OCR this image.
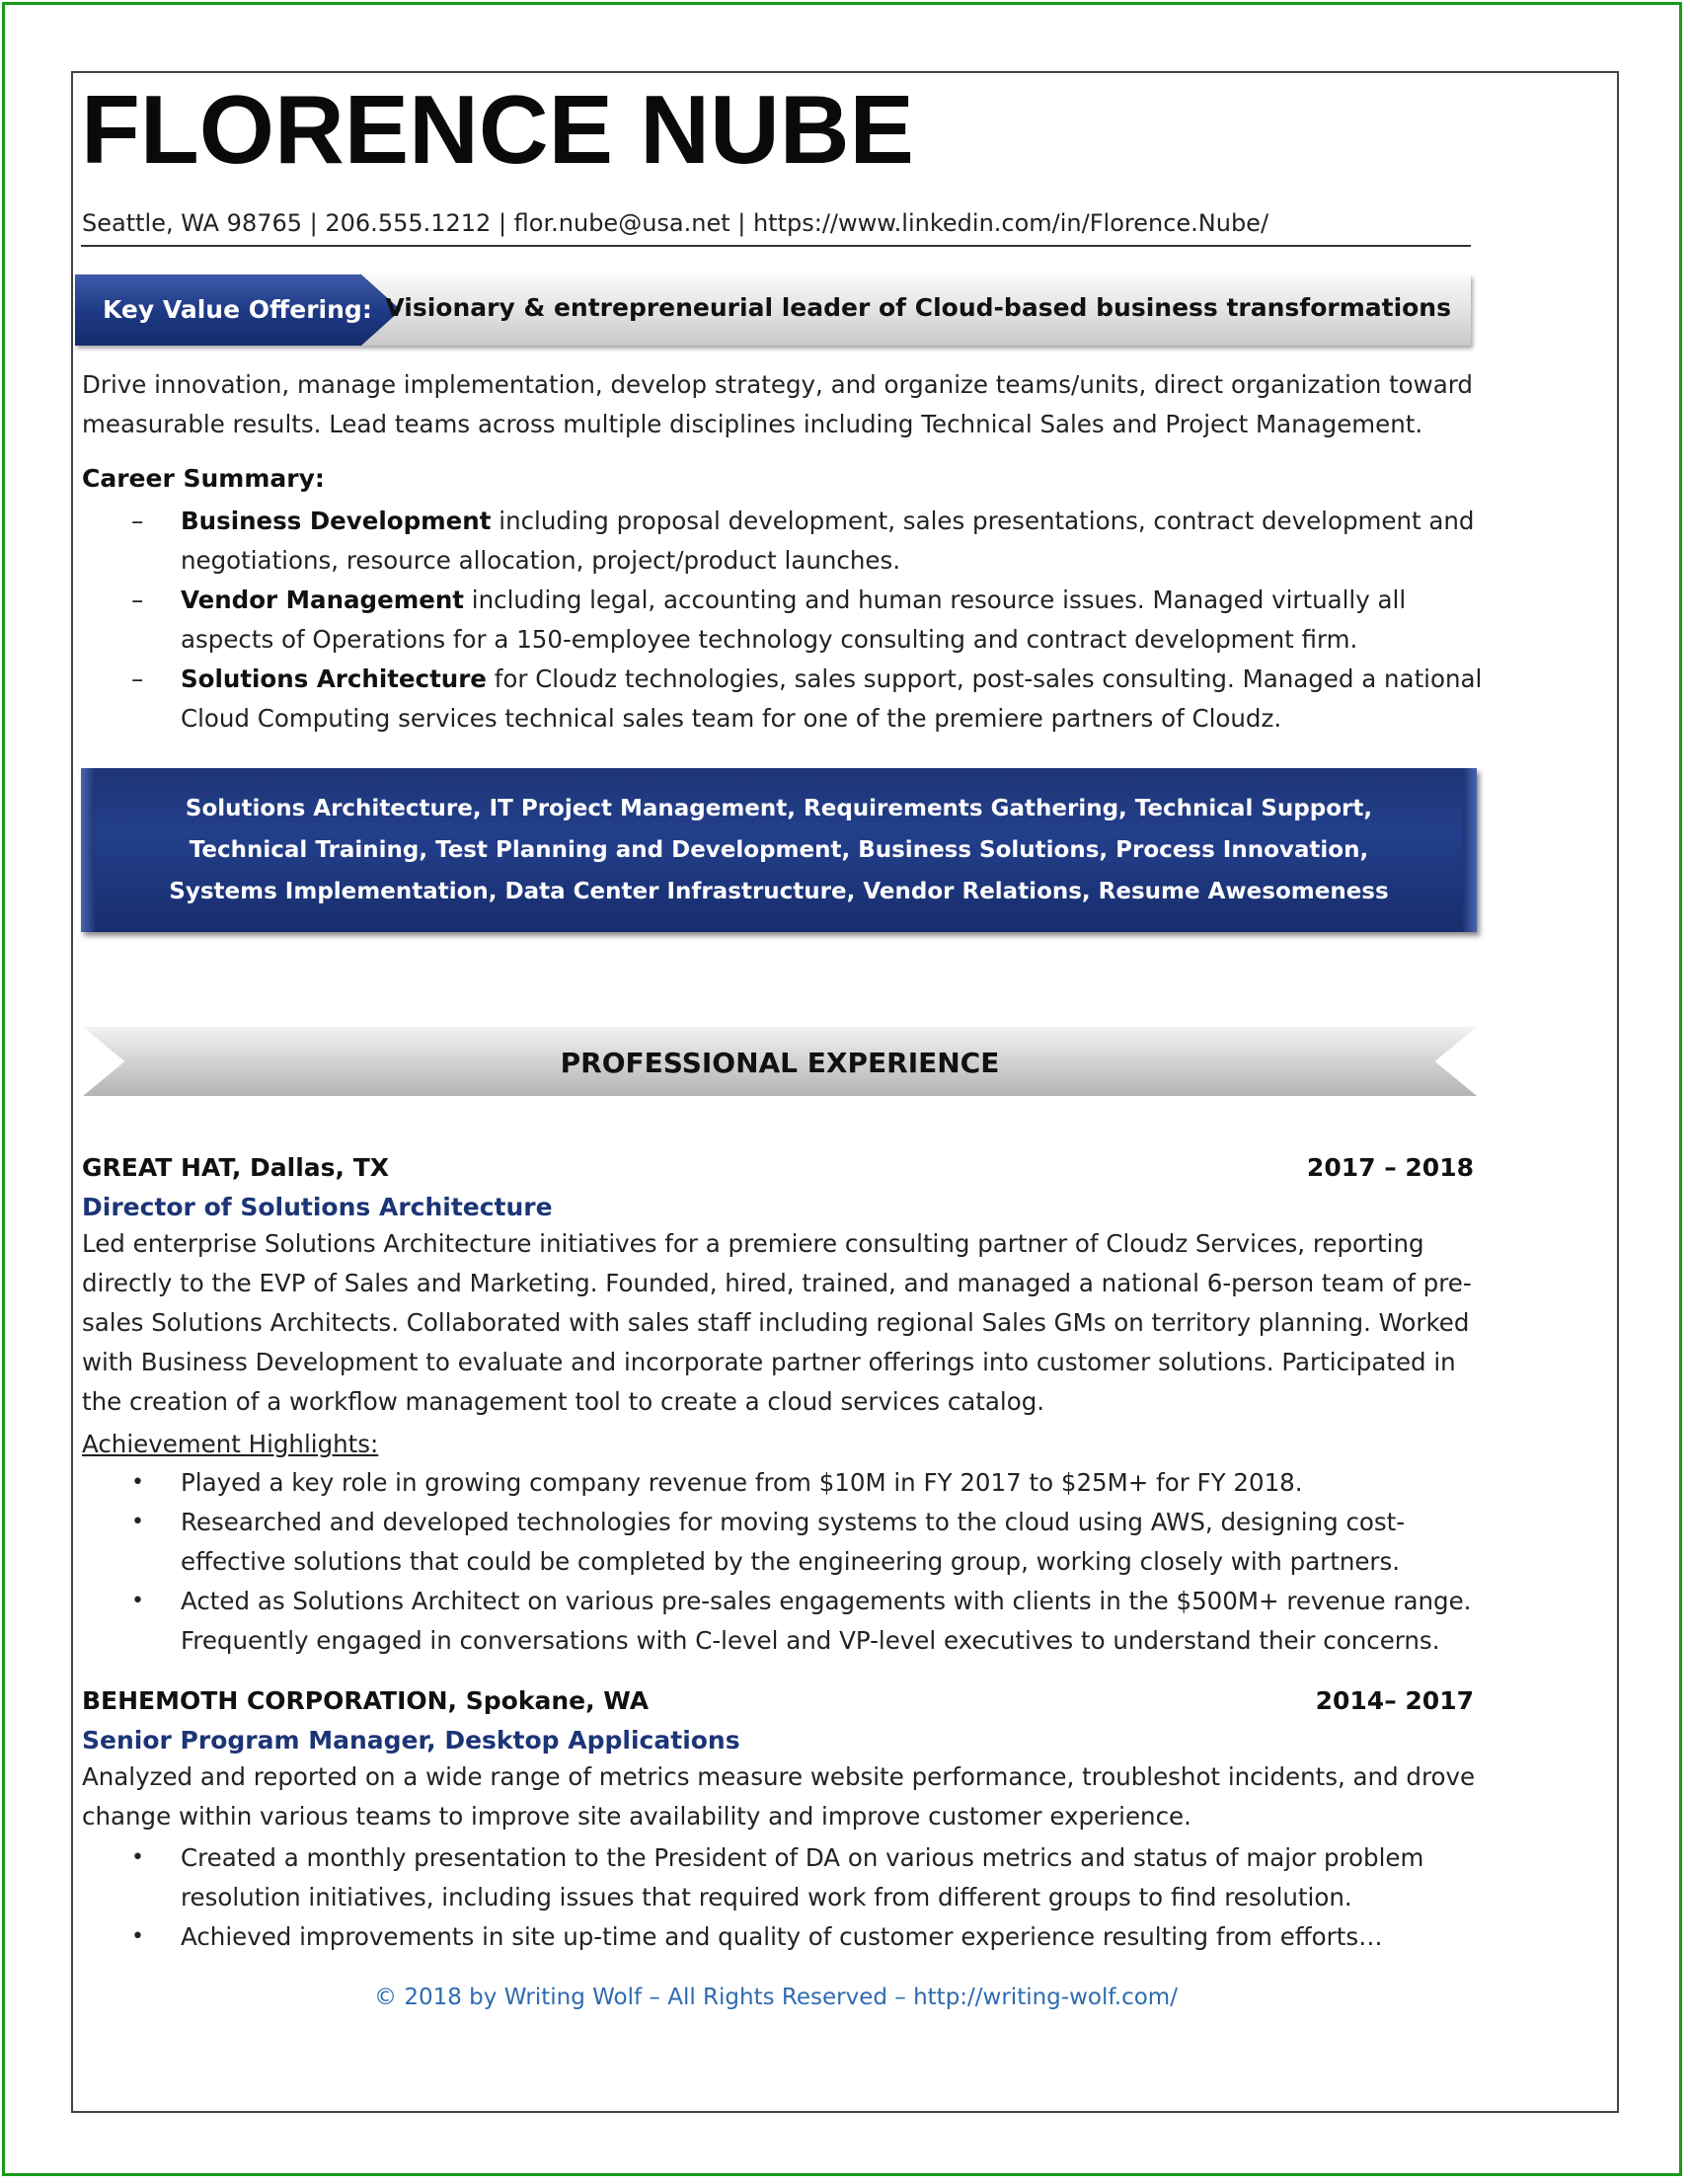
FLORENCE NUBE
Seattle, WA 98765 | 206.555.1212 | flor.nube@usa.net | https://www.linkedin.com/in/Florence.Nube/
Key Value Offering: Visionary & entrepreneurial leader of Cloud-based business transformations
Drive innovation, manage implementation, develop strategy, and organize teams/units, direct organization toward measurable results. Lead teams across multiple disciplines including Technical Sales and Project Management.
Career Summary:
– Business Development including proposal development, sales presentations, contract development and negotiations, resource allocation, project/product launches.
– Vendor Management including legal, accounting and human resource issues. Managed virtually all aspects of Operations for a 150-employee technology consulting and contract development firm.
– Solutions Architecture for Cloudz technologies, sales support, post-sales consulting. Managed a national Cloud Computing services technical sales team for one of the premiere partners of Cloudz.
Solutions Architecture, IT Project Management, Requirements Gathering, Technical Support,
Technical Training, Test Planning and Development, Business Solutions, Process Innovation,
Systems Implementation, Data Center Infrastructure, Vendor Relations, Resume Awesomeness
PROFESSIONAL EXPERIENCE
GREAT HAT, Dallas, TX	2017 – 2018
Director of Solutions Architecture
Led enterprise Solutions Architecture initiatives for a premiere consulting partner of Cloudz Services, reporting directly to the EVP of Sales and Marketing. Founded, hired, trained, and managed a national 6-person team of pre-sales Solutions Architects. Collaborated with sales staff including regional Sales GMs on territory planning. Worked with Business Development to evaluate and incorporate partner offerings into customer solutions. Participated in the creation of a workflow management tool to create a cloud services catalog.
Achievement Highlights:
• Played a key role in growing company revenue from $10M in FY 2017 to $25M+ for FY 2018.
• Researched and developed technologies for moving systems to the cloud using AWS, designing cost-effective solutions that could be completed by the engineering group, working closely with partners.
• Acted as Solutions Architect on various pre-sales engagements with clients in the $500M+ revenue range. Frequently engaged in conversations with C-level and VP-level executives to understand their concerns.
BEHEMOTH CORPORATION, Spokane, WA	2014– 2017
Senior Program Manager, Desktop Applications
Analyzed and reported on a wide range of metrics measure website performance, troubleshot incidents, and drove change within various teams to improve site availability and improve customer experience.
• Created a monthly presentation to the President of DA on various metrics and status of major problem resolution initiatives, including issues that required work from different groups to find resolution.
• Achieved improvements in site up-time and quality of customer experience resulting from efforts…
© 2018 by Writing Wolf – All Rights Reserved – http://writing-wolf.com/
